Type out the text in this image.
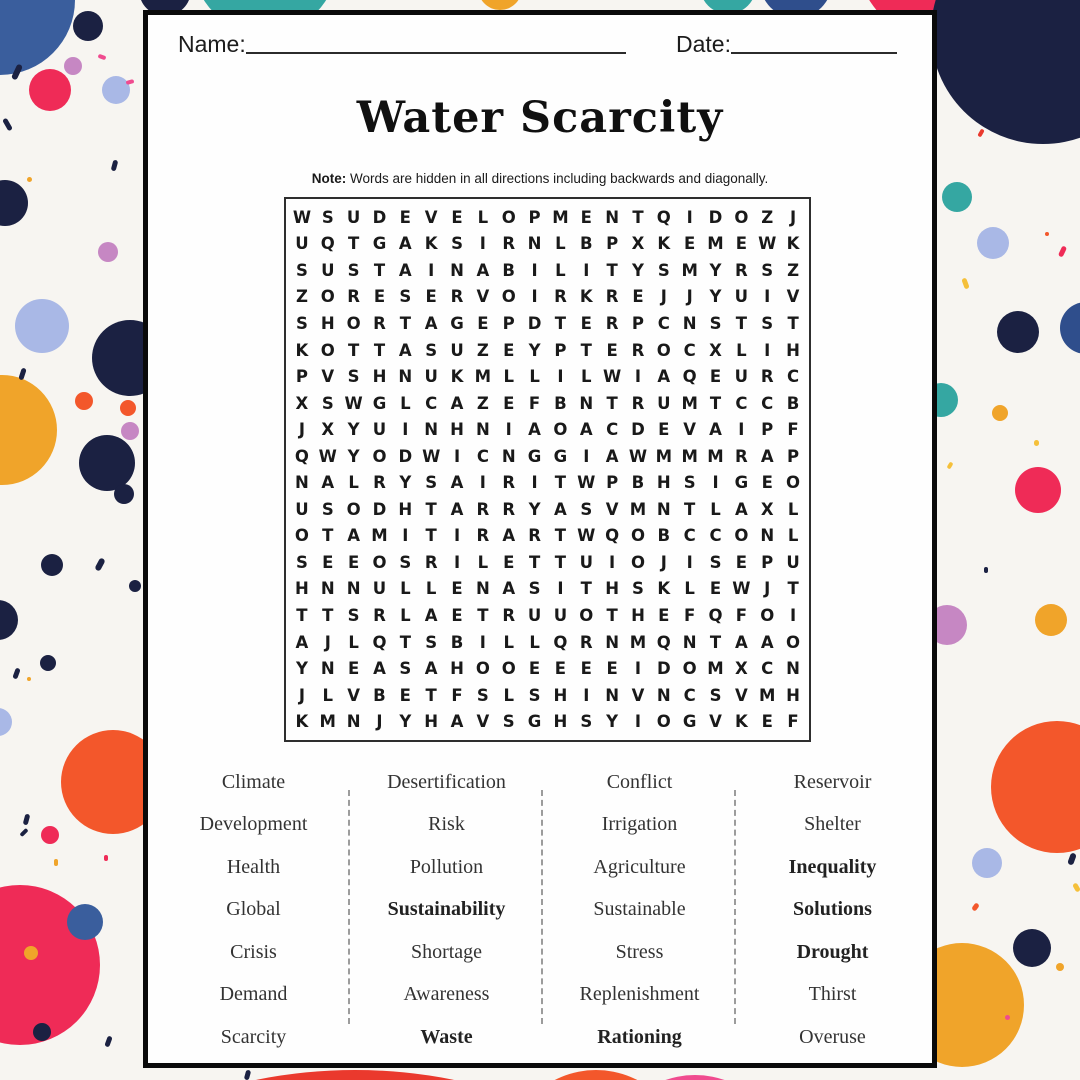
Name:	Date:
Water Scarcity

Note: Words are hidden in all directions including backwards and diagonally.

W S U D E V E L O P M E N T Q I D O Z	J
U Q T G A K S	I R N L B P X K E M E W K
S U S T A I N A B	I	L	I	T Y S M Y R S Z
Z O R E S E R V O I R K R E	J	J	Y U I V
S H O R T A G E P D T E R P C N S T S T
K O T T A S U Z E Y P T E R O C X L	I H
P V S H N U K M L L	I	L W I A Q E U R C
X S W G L C A Z E F B N T R U M T C C B
J X Y U I N H N I A O A C D E V A I	P F
Q W Y O D W I	C N G G I A W M M M R A P
N A L R Y S A I R I	T W P B H S	I G E O
U S O D H T A R R Y A S V M N T L A X L
O T A M I	T	I R A R T W Q O B C C O N L
S E E O S R I	L E T T U I O J	I	S E P U
H N N U L L E N A S	I	T H S K L E W J	T
T T S R L A E T R U U O T H E F Q F O I
A J	L Q T S B	I	L L Q R N M Q N T A A O
Y N E A S A H O O E E E E	I D O M X C N
J	L V B E T F S L S H I N V N C S V M H
K M N J	Y H A V S G H S Y	I O G V K E F
Climate	Desertification	Conflict	Reservoir
Development	Risk	Irrigation	Shelter
Health	Pollution	Agriculture	Inequality
Global	Sustainability	Sustainable	Solutions
Crisis	Shortage	Stress	Drought
Demand	Awareness	Replenishment	Thirst
Scarcity	Waste	Rationing	Overuse
